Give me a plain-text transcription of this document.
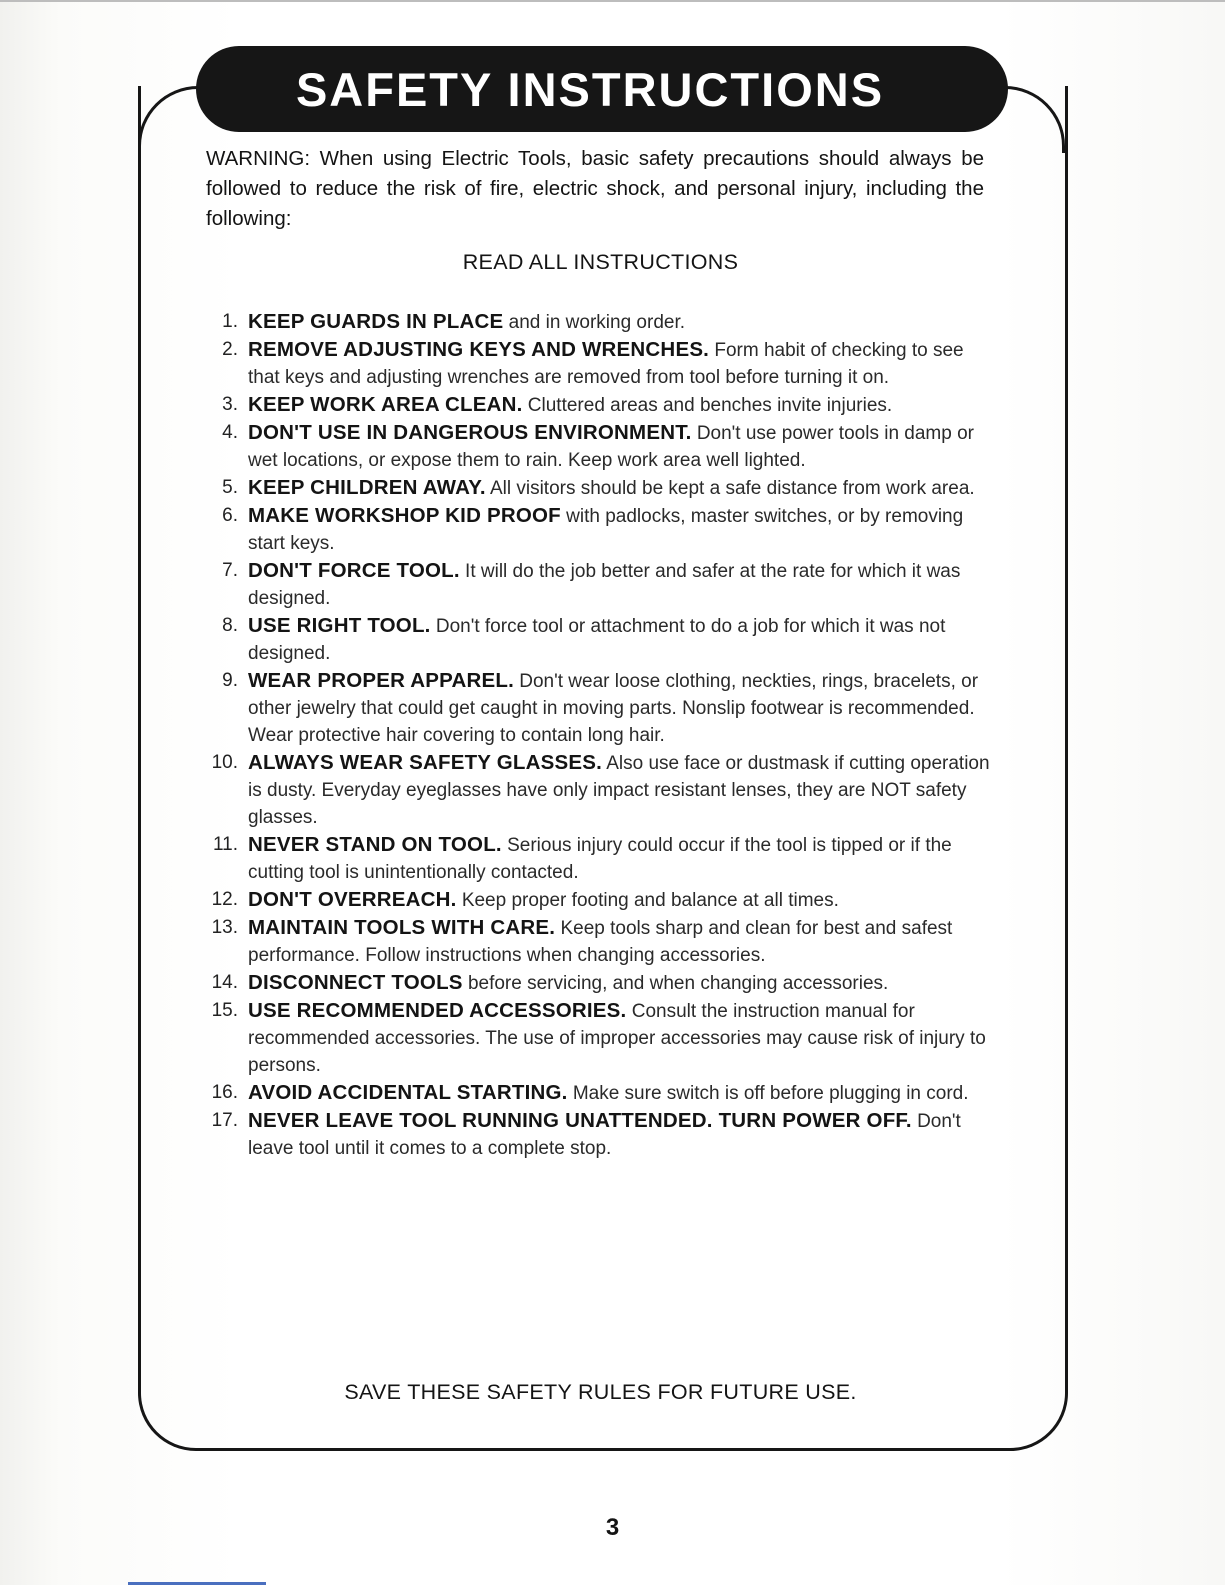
SAFETY INSTRUCTIONS
WARNING: When using Electric Tools, basic safety precautions should always be followed to reduce the risk of fire, electric shock, and personal injury, including the following:
READ ALL INSTRUCTIONS
1. KEEP GUARDS IN PLACE and in working order.
2. REMOVE ADJUSTING KEYS AND WRENCHES. Form habit of checking to see that keys and adjusting wrenches are removed from tool before turning it on.
3. KEEP WORK AREA CLEAN. Cluttered areas and benches invite injuries.
4. DON'T USE IN DANGEROUS ENVIRONMENT. Don't use power tools in damp or wet locations, or expose them to rain. Keep work area well lighted.
5. KEEP CHILDREN AWAY. All visitors should be kept a safe distance from work area.
6. MAKE WORKSHOP KID PROOF with padlocks, master switches, or by removing start keys.
7. DON'T FORCE TOOL. It will do the job better and safer at the rate for which it was designed.
8. USE RIGHT TOOL. Don't force tool or attachment to do a job for which it was not designed.
9. WEAR PROPER APPAREL. Don't wear loose clothing, neckties, rings, bracelets, or other jewelry that could get caught in moving parts. Nonslip footwear is recommended. Wear protective hair covering to contain long hair.
10. ALWAYS WEAR SAFETY GLASSES. Also use face or dustmask if cutting operation is dusty. Everyday eyeglasses have only impact resistant lenses, they are NOT safety glasses.
11. NEVER STAND ON TOOL. Serious injury could occur if the tool is tipped or if the cutting tool is unintentionally contacted.
12. DON'T OVERREACH. Keep proper footing and balance at all times.
13. MAINTAIN TOOLS WITH CARE. Keep tools sharp and clean for best and safest performance. Follow instructions when changing accessories.
14. DISCONNECT TOOLS before servicing, and when changing accessories.
15. USE RECOMMENDED ACCESSORIES. Consult the instruction manual for recommended accessories. The use of improper accessories may cause risk of injury to persons.
16. AVOID ACCIDENTAL STARTING. Make sure switch is off before plugging in cord.
17. NEVER LEAVE TOOL RUNNING UNATTENDED. TURN POWER OFF. Don't leave tool until it comes to a complete stop.
SAVE THESE SAFETY RULES FOR FUTURE USE.
3
